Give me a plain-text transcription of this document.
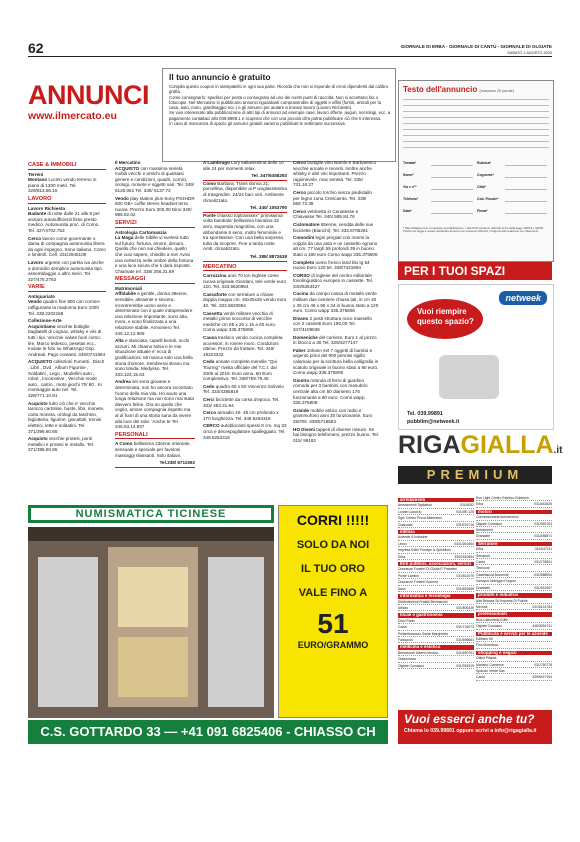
62	GIORNALE DI ERBA - GIORNALE DI CANTÙ - GIORNALE DI OLGIATE
SABATO 1 AGOSTO 2020
ANNUNCI
www.ilmercato.eu
Il tuo annuncio è gratuito
Compila questo coupon in stampatello in ogni sua parte. Ricorda che non si risponde di errori dipendenti dal calibro grafia.
Come consegnarlo: spedisci per posta o consegnato ad uno dei nostri punti di raccolta. Non si accettano fax o fotocopie. Nel Mercatino si pubblicano annunci riguardanti compravendite di oggetti e affini (furniti, articoli per la casa, auto, moto, giardinaggio ecc.) e gli annunci per aiutare a trovare lavoro (Lavoro Richieste).
Se vuoi interessato alla pubblicazione di altri tipi di annunci ad esempio case, lavoro offerte, auguri, necrologi, ecc. a pagamento contattaci allo 039.9989.1 e scoprirai che con una piccola cifra potrai pubblicare ciò che ti interessa.
In caso di mancanza di spazio gli annunci gratuiti saranno pubblicati le settimane successive.
Testo dell'annuncio (massimo 20 parole)
Testata*	Rubrica*
Nome*	Cognome*
Via e n°*	Città*
Telefono*	Cod. Fiscale*
Data*	Firma*
* Dati obbligatori per completare la pubblicazione. I dati NON verranno utilizzati ai fini della legge 196/03 e GDPR. Poiché per legge è vietato pubblicare annunci con contenuti offensivi, rivolgersi alla redazione per chiarimenti.
CASE & IMMOBILI
Terreni
Montano Lucino vendo terreno in piano di 1300 metri. Tel. 329/813.56.15
LAVORO
Lavoro Richiesta
Badante di notte dalle 21 alle 8 per anziani autosufficienti fisso presto medico. Automunita proc. di Como. Tel. 327/4702.753
Cerco lavoro come governante o dama di compagnia automunita libera da ogni impegno. Sono italiana. Como e limitrofi. Cell. 331/2945108
Lavoro urgente con partita iva anche a domicilio semplice automunita tipo assemblaggio o altro serio. Tel. 327/475.2753
VARIE
Antiquariato
Vendo quadro fine 800 con cornice raffigurante la madonna Euro 1000 Tel. 339.2202168
Collezione-Arte
Acquistiamo vecchie bottiglie bagliatelli di cognac, whisky e vini di tutti i tipi. Vecchie valute fuori corso: lire, Marco tedesco, pesetas ecc.. Inviate le foto su WhatsApp Gsp. Andreati. Pago contanti. 349/0741984
ACQUISTO collezioni Fumetti , Disch , Libri , Dvd , Album Figurine , Soldatini , Lego , Modellini auto , robot , locomotive , Vecchie mode auto , calcio , moto giochi 70/ 80 . Ki monsaggio auto nel. Tel. 328/771.10.81
Acquisto tutto ciò che e' vecchio tarocco cartoline, buste, libri, monete, carta moneta, orologi da taschino, bigiotteria, figurine, giocattoli, trenini elettrici, lette e soldatini. Tel. 371/398.60.85
Acquisto vecchie protesi, ponti metallici e protesi in metallo. Tel. 371/398.60.85
Il Mercatino
ACQUISTO con massima serietà mobili vecchi e antichi di qualsiasi genere e condizioni, quadri, cornici, orologi, monete e oggetti vari. Tel. 349/ 6125.061 Tel. 339/ 6137.73
Vendo play station plus Sony PS4HDR 500 GB+ cuffie stereo headset terra nuova. Prezzo Euro 200,00 Dino 340/ 988.82.62
SERVIZI
Astrologia Cartomanzia
La Maga delle Sibille vi svelerà tutto sul futuro: fortuna, amore, denaro.. Quello che non sai chiedere, quello che vuoi sapere, chiedilo a me! Avrai una certezza nelle ombre della fortuna e una luce sicura che ti darà risposte. Chiamate tel. 338/ 258.31.69
MESSAGGI
Matrimoniali
Affidabile e gentile, donna 39enne, sensibile, attraente e sincera, incontrerebbe uomo serio e determinato con il quale intraprendere una relazione importante, sono alta, mora, e sono finalizzata a una relazione stabile. Armoniero Tel. 346.12.12.969
Alta e slanciata, capelli biondi, occhi azzurri. Mi chiamo Ninia e le mie situazione attuale e' ricca di gratificazioni. Mi manca solo una bella storia d'amore. Sembrerai strano ma sono timida. Medysso. Tel. 333.123.15.63
Andrea sei sono giovane e determinata, non ho ancora incontrato l'uomo della mia vita. Ho avuto una lunga relazione ma non sono mai stata davvero felice. Ora so quello che voglio, amore compagnia rispetto ma al di fuori di una storia sana da vivere alla luce del sole. 'Anche te Tel. 346.53.14.837
PERSONALI
A Como bellissima 23enne orientale, sensuale e speciale per favolosi massaggi rilassanti. Solo italiani.
Tel.338/ 8711592
A Lambrugo Lory italianissima delle 10 alle 24 per momenti relax.
Tel. 347/6458293
Como Barbara, Trans donna 21, porcellina, disponibile ai P woglassissima di trasgredire. 24/24 baci veri. Ambiente climatizzato.
Tel. 340/ 1053790
Ponte chiasso toptranssex'' primissima volta bambola' bellissima biondina 32 anni, stupenda magrolina, con una abbondante 6 seno, molto femminile e tra sportissime. Con una bella sorpresa tutta da scoprire. Fine a tarda notte. Amb. climatizzato.
Tel. 388/ 8872638
MERCATINO
Carrozzina anni 70 ton inglese come nuova originale Giordani, tele verde euro 120. Tel. 333.5620954
Cassaforte con serrature a chiave doppia mappa cm. 40x25x25 vendo euro 40. Tel. 333.5620954
Cassetta verde militare vecchia di metallo primo soccorso di vecchie mediche cm 65 x 26 x 15 a 60 euro. Como wapp 335.375808
Causa trasloco vendo cucina completa accessori, in rovere moro. Condizioni ottime. Prezzo da trattare. Tel. 348/ 18223322
Cedo annate complete mensile ''Qui Touring'' rivista ufficiale del T.C.I. dal 2006 al 2019. Euro annu. 60 Euro complessivo. Tel. 338/759.79.46
Cedo quadro 60 x 50 Vincenzo Soliveio Tel. 333/4385819
Cerci biciclette da corsa d'epoca. Tel. 333/ 463.31.84
Cerco armadio 40- 45 cm profondo x 170 lunghezza. Tel. 348.5264318
CERCO autoblocanti spessi 8 cm. mq 33 circa e decespugliatore spalleggiato. Tel. 348.5264318
Cerco bottiglie vino Barolo e Barbaresco vecchie annate e recenti. Inoltre anche whisky e altri vini importanti. Prezzo ragionevole, max serietà. Tel. 335/ 731.16.27
Cerco piccolo torchio senza piedistallo per legno zona Cresciento. Tel. 339/ 658.73.38
Cerco vetrinetta in Cenatesse e Chiavasse Tel. 340/ 585.84.76
Ciclomatore 65enne, vendita delle sue biciclette (Bianchi). Tel. 333.6705261
Comodini legni pregiati con marmi la coppia da una anta e un cassetto ognuno alt cm. 77 largh 55 profondi 39 in buono stato a 180 euro Como wapp 335.375808
Completo uomo fresco land blu tg 54 nuovo Euro 120 tel. 339/7431894
CORSO di inglese del centro editoriale fonolinguistico europeo in cassette. Tel. 340/6363427
Cucina da campo cassa di metallo verde militare due cerniere chiusa lati, in cm 40 x 25 cm 49 x 65 x 34 in buono stato a 120 euro. Como wapp 335.375808
Divano 2 posti struttura noce massello con 2 cassetti Euro 180,00 Tel. 347/4109836
Domeniche del corriere. Euro 1 al pezzo in blocco a 30 Tel. 329/3277147
Faber Johann set 7 oggetti di bambù e argento primi del 900 pennini sigillo calamaio per la scrittura bella calligrafia in scatolo originale in buono stato a 90 euro. Como wapp 335.375808
Giostra rotonda di ferro di giardino comoda per 3 bambini con manubrio centrale alta cm 50 diametro 176 funzionante a 90 euro. Como wapp 335.375808
Grande mobile antico con radio e grammofono anni 30 funzionante. Euro 250Tel. 339/5716553
HO Diveni tappeti di diverse misure. Se hai bisogno telefonami, prezzo buono. Tel. 015/ 99182
PER I TUOI SPAZI
netweek
Vuoi riempire questo spazio?
Tel. 039.99891
pubblim@netweek.it
RIGAGIALLA.it
PREMIUM
arredamenti
Arredamenti Tagliabue	031/6052
Lurate Caccivio	031490.125
Sgm Centro Prova Materassi
Guanzate	031/976716
edilizia
Aziende & Industrie
Lecco	0341/261654
Impresa Edile Principe & Spinelloro
Erba	339/2180894
Enti pubblici, associazioni, servizi
Onoranze Funebri Di Gloria E Prazetini
Ponte Lambro	031/611079
Onoranze Funebri Somma
Asso	031/681569
informatica e tecnologia
Elettrotecnica Fratelli Bernasconi
Albiolo	031/806329
locali e gastronomia
Dolci Paolo
Cantù	031/716073
Pellambulancio Santa Margherita
Falcopolo	031/696661
medicina e estetica
Bernasconi Alberto Medico	031/690701
Odontoiatra
Olgiate Comasco	031/993319
Sun Light Centro Estetico Solarium
Erba	031/642625
motori
Concessionaria Autoservizio
Olgiate Comasco	031/946763
Serramenti
Grandate	031/486871
Serratore
Erba	031/647111
Serratore
Cantù	031/705811
Tecnocar
Castellanza Bozzente	031/888594
Vanoyoo Noleggio Furgoni
Grandate	031/451467
prodotti e industria
Alta Brianza Srl Impresa Di Pulizie
Merone	031/6124783
professionisti
Bios Lattonieria Edile
Olgiate Comasco	345/3094741
Pubblicità e servizi per le aziende
Edilnew Srl
Fino Mornasco
shopping e negozi
Ottica Pitama
Mariano Comense	031/750778
Spaccio Verde Sas
Cantù	339/6437154
Vuoi esserci anche tu?
Chiama lo 039.99891 oppure scrivi a info@rigagialla.it
NUMISMATICA TICINESE	CORRI !!!!!
SOLO DA NOI
IL TUO ORO
VALE FINO A
51
EURO/GRAMMO
C.S. GOTTARDO 33 — +41 091 6825406 - CHIASSO CH
